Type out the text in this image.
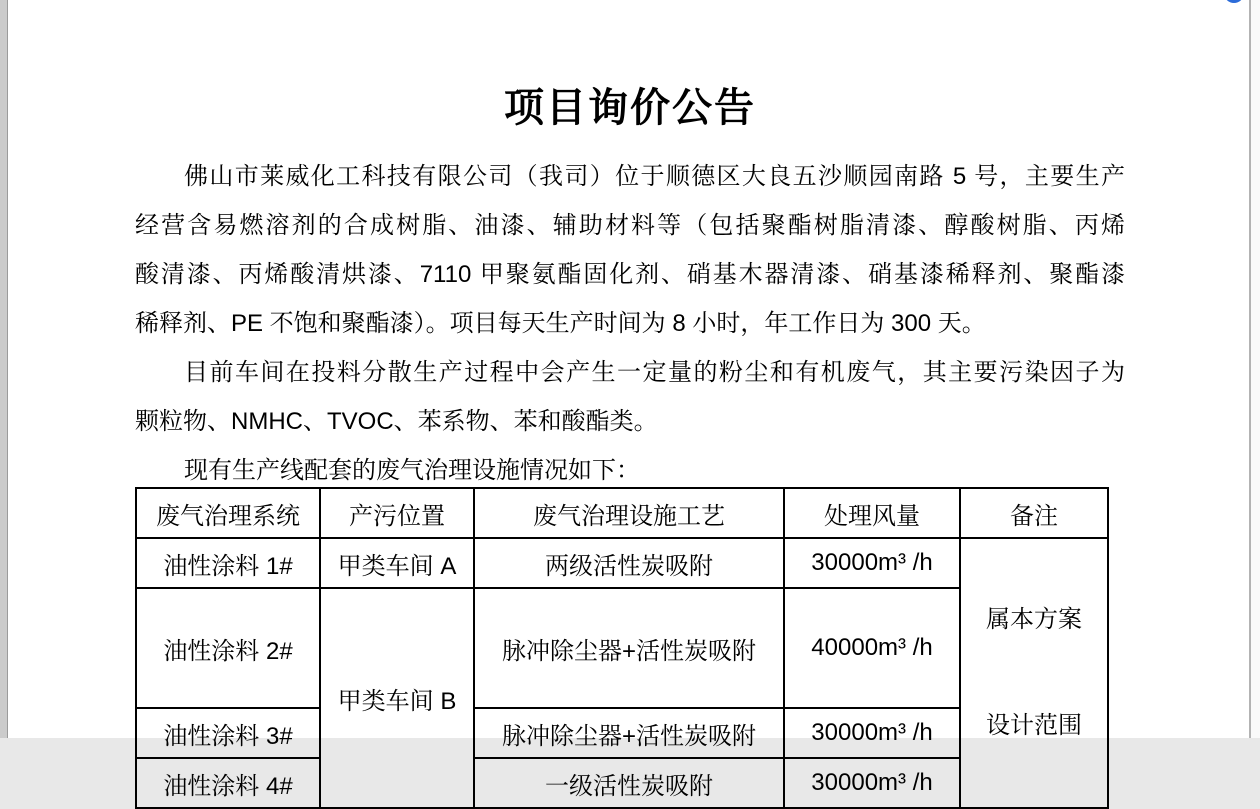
项目询价公告
佛山市莱威化工科技有限公司（我司）位于顺德区大良五沙顺园南路 5 号，主要生产
经营含易燃溶剂的合成树脂、油漆、辅助材料等（包括聚酯树脂清漆、醇酸树脂、丙烯
酸清漆、丙烯酸清烘漆、7110 甲聚氨酯固化剂、硝基木器清漆、硝基漆稀释剂、聚酯漆
稀释剂、PE 不饱和聚酯漆）。项目每天生产时间为 8 小时，年工作日为 300 天。
目前车间在投料分散生产过程中会产生一定量的粉尘和有机废气，其主要污染因子为
颗粒物、NMHC、TVOC、苯系物、苯和酸酯类。
现有生产线配套的废气治理设施情况如下：
废气治理系统	产污位置	废气治理设施工艺	处理风量	备注
油性涂料 1#	甲类车间 A	两级活性炭吸附	30000m³ /h	属本方案

设计范围

油性涂料 2#	甲类车间 B	脉冲除尘器+活性炭吸附	40000m³ /h	
油性涂料 3#		脉冲除尘器+活性炭吸附	30000m³ /h	
油性涂料 4#		一级活性炭吸附	30000m³ /h	
